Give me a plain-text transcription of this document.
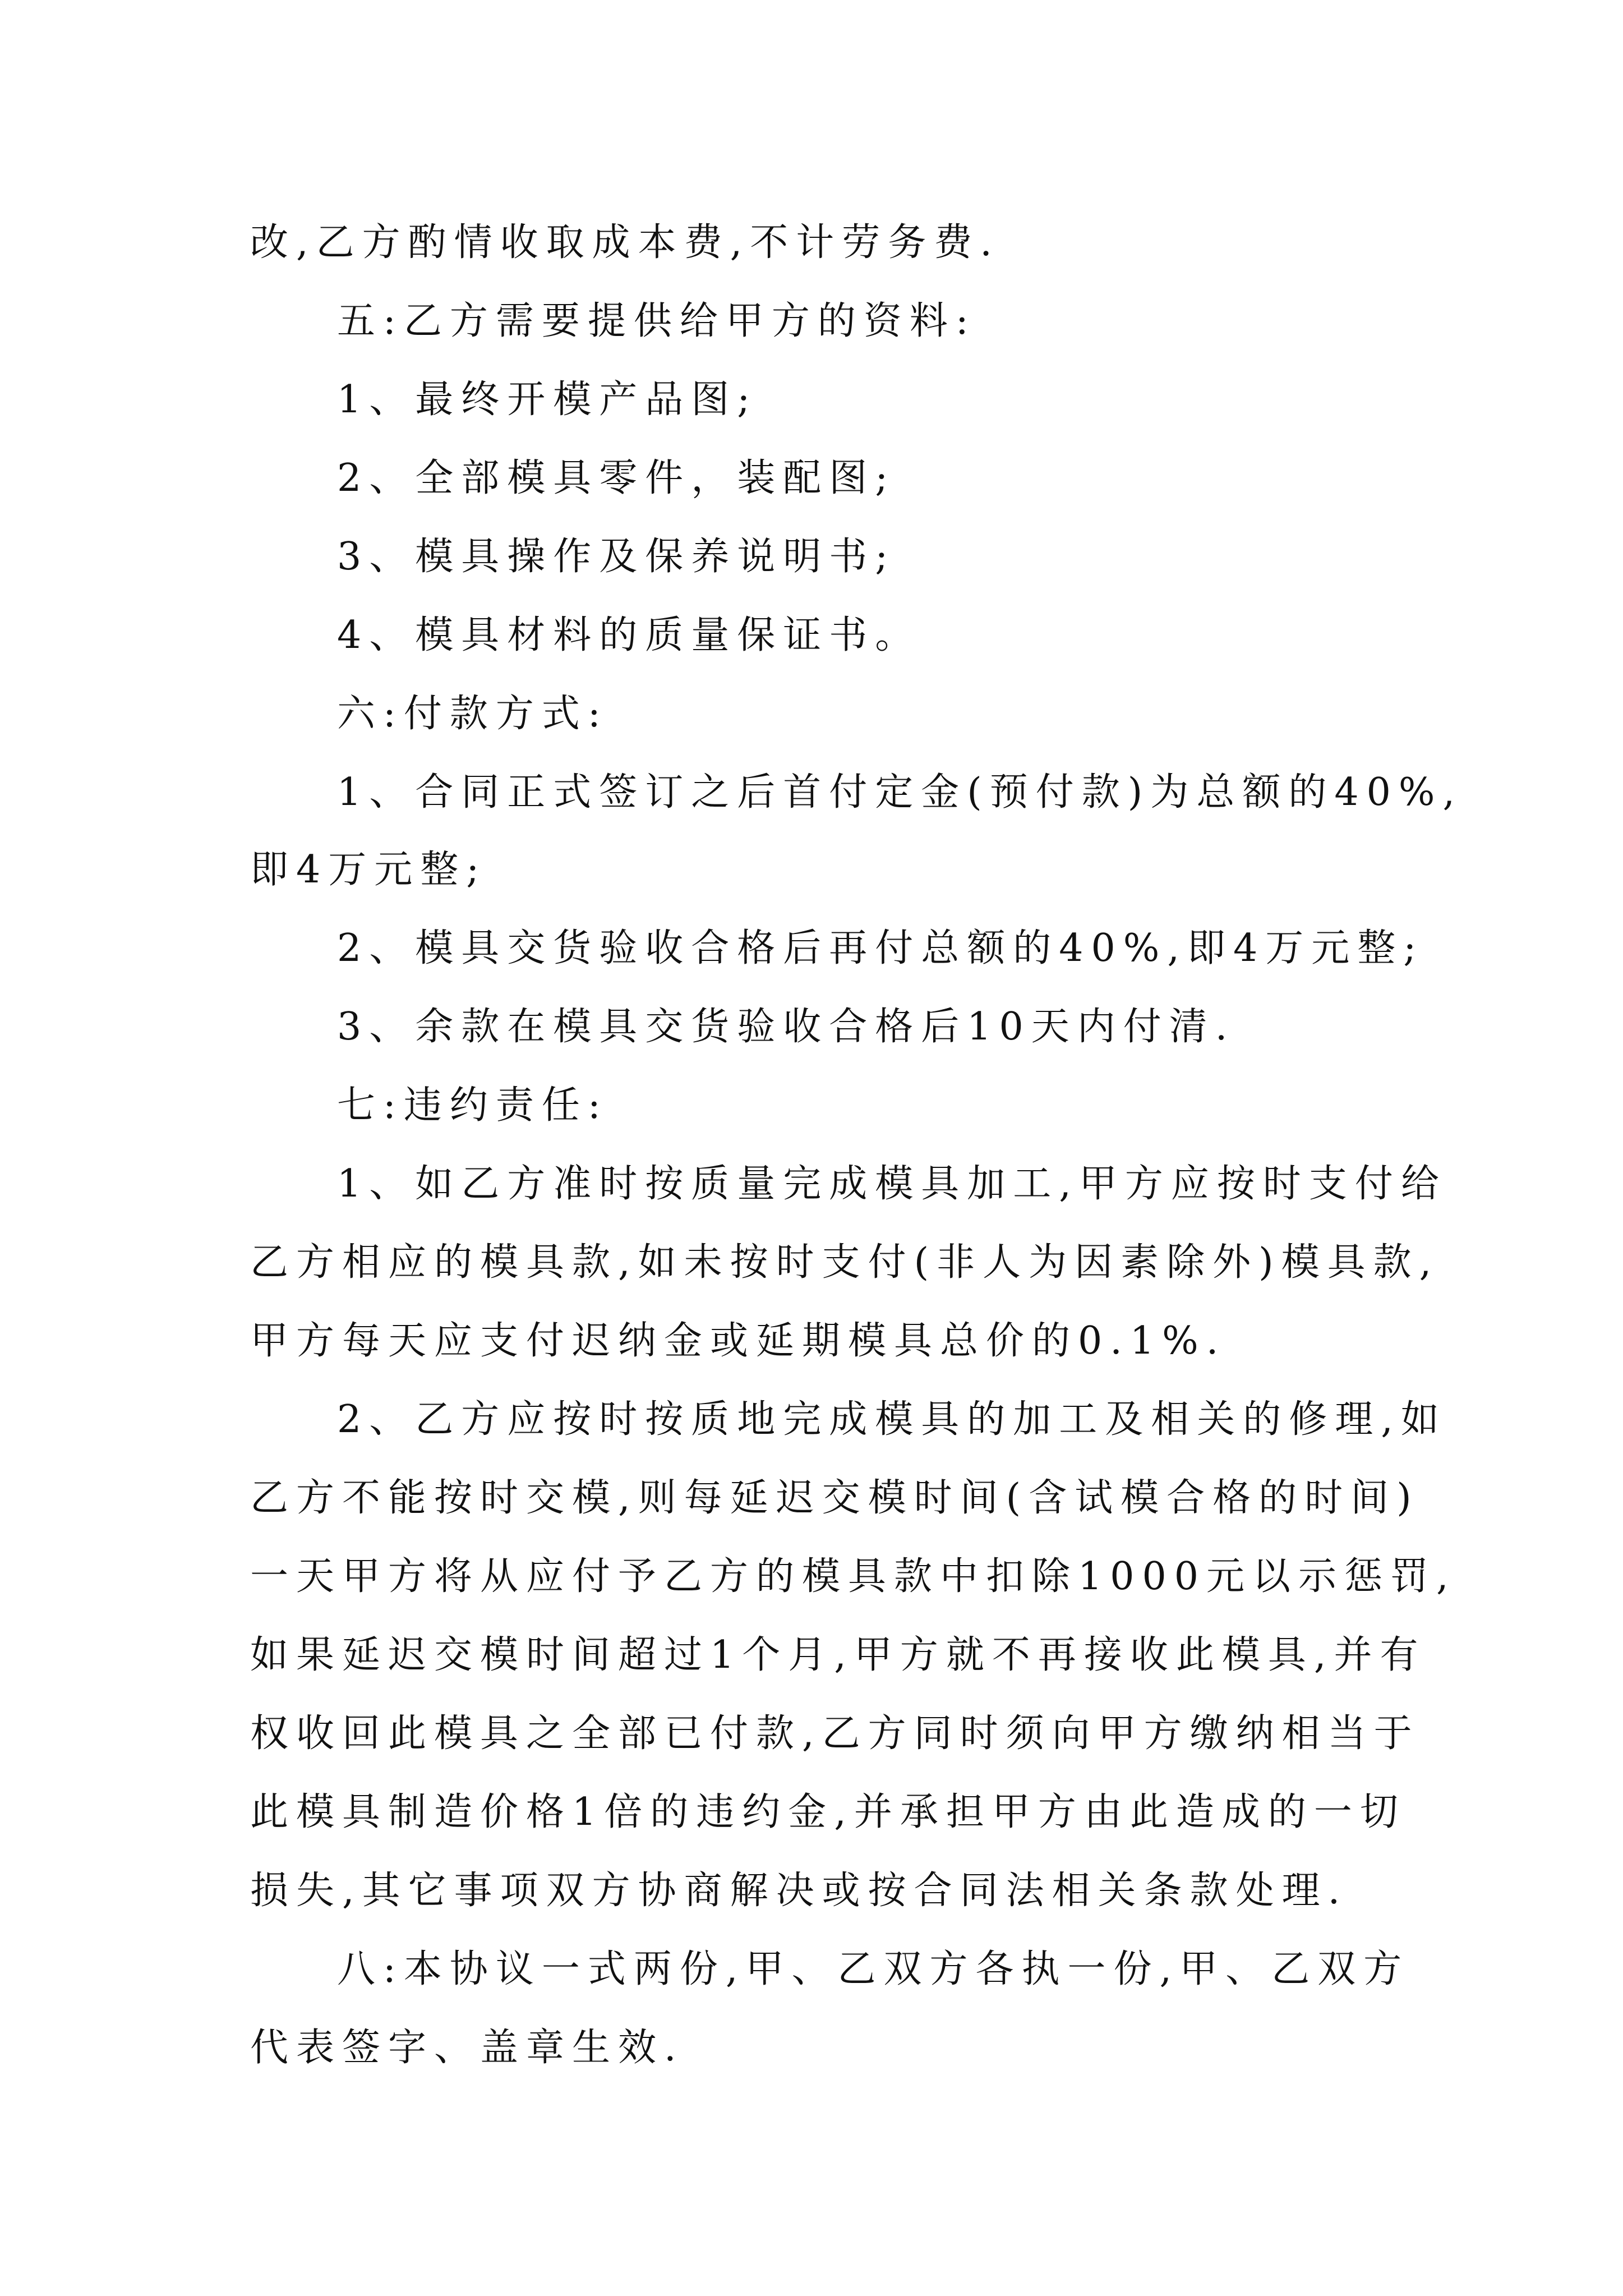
改,乙方酌情收取成本费,不计劳务费.
五:乙方需要提供给甲方的资料:
1、最终开模产品图;
2、全部模具零件，装配图;
3、模具操作及保养说明书;
4、模具材料的质量保证书。
六:付款方式:
1、合同正式签订之后首付定金(预付款)为总额的40%,
即4万元整;
2、模具交货验收合格后再付总额的40%,即4万元整;
3、余款在模具交货验收合格后10天内付清.
七:违约责任:
1、如乙方准时按质量完成模具加工,甲方应按时支付给
乙方相应的模具款,如未按时支付(非人为因素除外)模具款,
甲方每天应支付迟纳金或延期模具总价的0.1%.
2、乙方应按时按质地完成模具的加工及相关的修理,如
乙方不能按时交模,则每延迟交模时间(含试模合格的时间)
一天甲方将从应付予乙方的模具款中扣除1000元以示惩罚,
如果延迟交模时间超过1个月,甲方就不再接收此模具,并有
权收回此模具之全部已付款,乙方同时须向甲方缴纳相当于
此模具制造价格1倍的违约金,并承担甲方由此造成的一切
损失,其它事项双方协商解决或按合同法相关条款处理.
八:本协议一式两份,甲、乙双方各执一份,甲、乙双方
代表签字、盖章生效.
